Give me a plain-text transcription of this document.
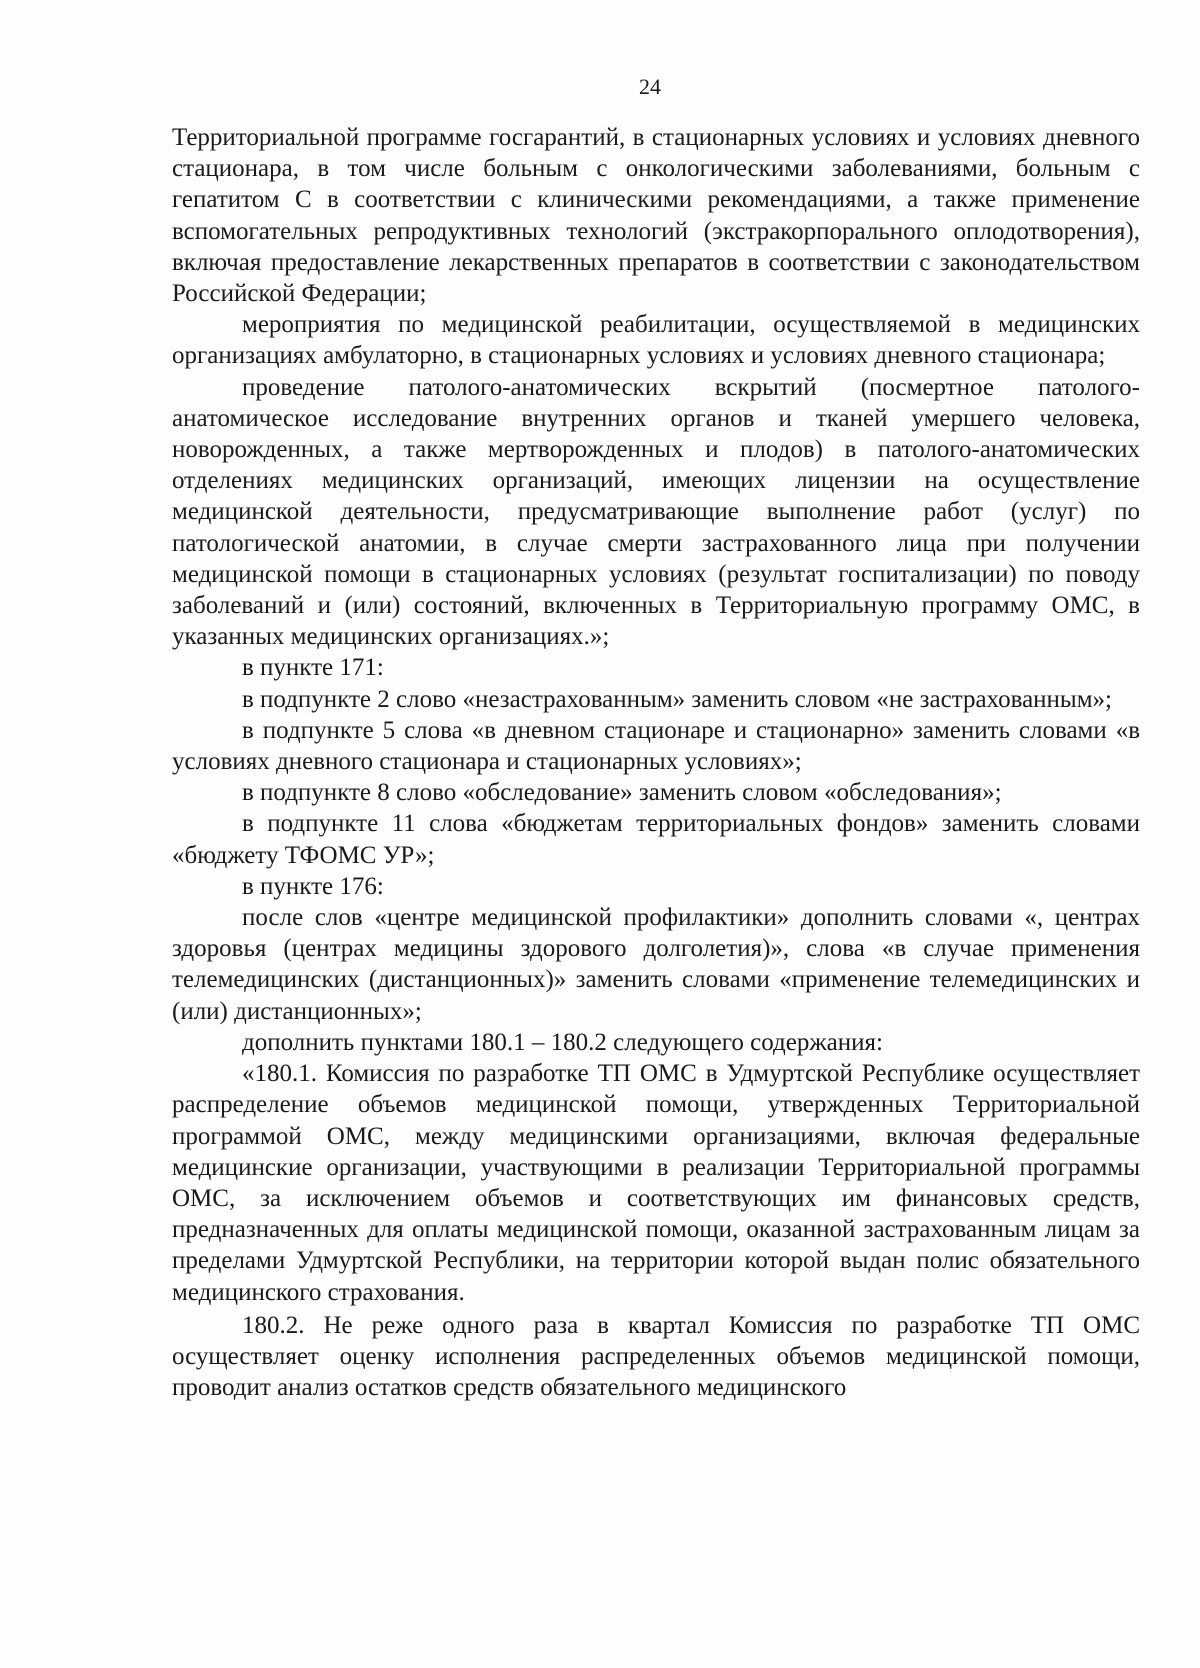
24

Территориальной программе госгарантий, в стационарных условиях и условиях дневного стационара, в том числе больным с онкологическими заболеваниями, больным с гепатитом С в соответствии с клиническими рекомендациями, а также применение вспомогательных репродуктивных технологий (экстракорпорального оплодотворения), включая предоставление лекарственных препаратов в соответствии с законодательством Российской Федерации;

мероприятия по медицинской реабилитации, осуществляемой в медицинских организациях амбулаторно, в стационарных условиях и условиях дневного стационара;

проведение патолого-анатомических вскрытий (посмертное патолого-анатомическое исследование внутренних органов и тканей умершего человека, новорожденных, а также мертворожденных и плодов) в патолого-анатомических отделениях медицинских организаций, имеющих лицензии на осуществление медицинской деятельности, предусматривающие выполнение работ (услуг) по патологической анатомии, в случае смерти застрахованного лица при получении медицинской помощи в стационарных условиях (результат госпитализации) по поводу заболеваний и (или) состояний, включенных в Территориальную программу ОМС, в указанных медицинских организациях.»;

в пункте 171:

в подпункте 2 слово «незастрахованным» заменить словом «не застрахованным»;

в подпункте 5 слова «в дневном стационаре и стационарно» заменить словами «в условиях дневного стационара и стационарных условиях»;

в подпункте 8 слово «обследование» заменить словом «обследования»;

в подпункте 11 слова «бюджетам территориальных фондов» заменить словами «бюджету ТФОМС УР»;

в пункте 176:

после слов «центре медицинской профилактики» дополнить словами «, центрах здоровья (центрах медицины здорового долголетия)», слова «в случае применения телемедицинских (дистанционных)» заменить словами «применение телемедицинских и (или) дистанционных»;

дополнить пунктами 180.1 – 180.2 следующего содержания:

«180.1. Комиссия по разработке ТП ОМС в Удмуртской Республике осуществляет распределение объемов медицинской помощи, утвержденных Территориальной программой ОМС, между медицинскими организациями, включая федеральные медицинские организации, участвующими в реализации Территориальной программы ОМС, за исключением объемов и соответствующих им финансовых средств, предназначенных для оплаты медицинской помощи, оказанной застрахованным лицам за пределами Удмуртской Республики, на территории которой выдан полис обязательного медицинского страхования.

180.2. Не реже одного раза в квартал Комиссия по разработке ТП ОМС осуществляет оценку исполнения распределенных объемов медицинской помощи, проводит анализ остатков средств обязательного медицинского
